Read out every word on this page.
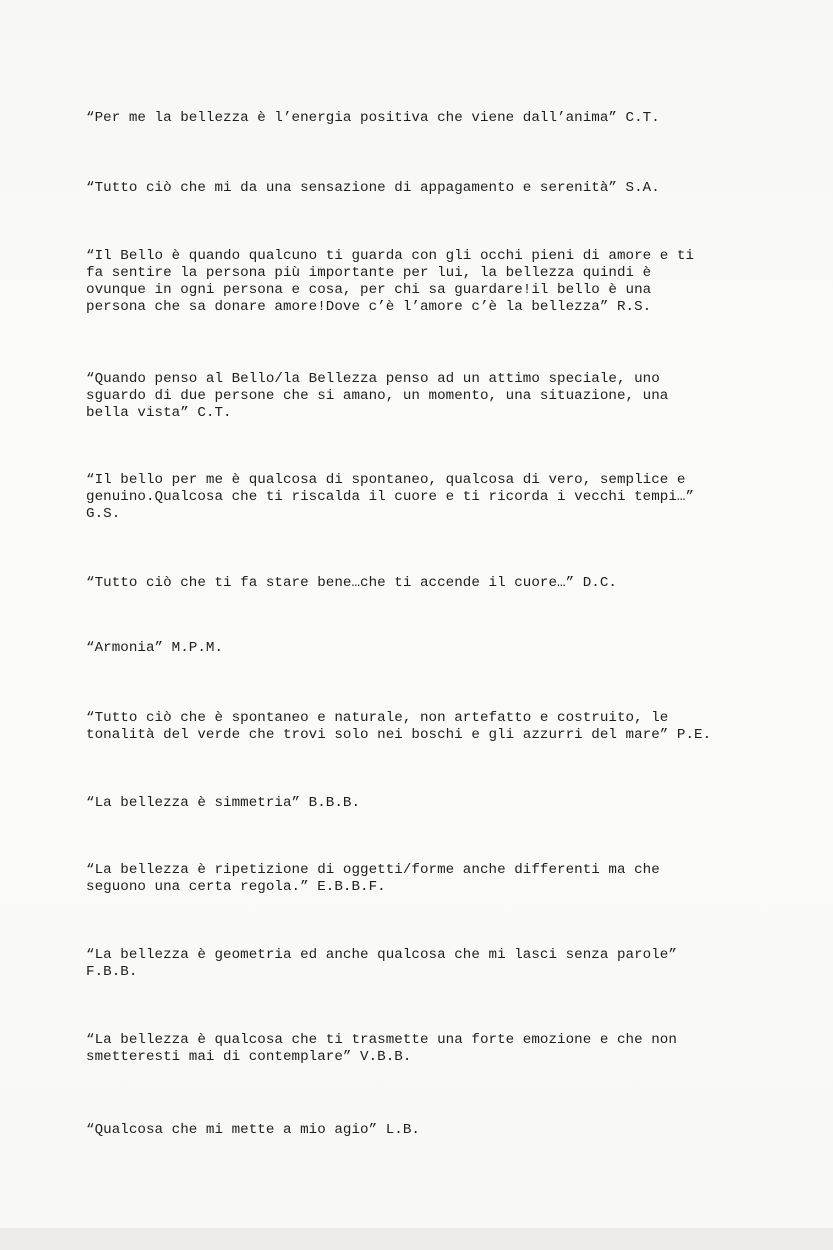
“Per me la bellezza è l’energia positiva che viene dall’anima” C.T.

“Tutto ciò che mi da una sensazione di appagamento e serenità” S.A.

“Il Bello è quando qualcuno ti guarda con gli occhi pieni di amore e ti
fa sentire la persona più importante per lui, la bellezza quindi è
ovunque in ogni persona e cosa, per chi sa guardare!il bello è una
persona che sa donare amore!Dove c’è l’amore c’è la bellezza” R.S.

“Quando penso al Bello/la Bellezza penso ad un attimo speciale, uno
sguardo di due persone che si amano, un momento, una situazione, una
bella vista” C.T.

“Il bello per me è qualcosa di spontaneo, qualcosa di vero, semplice e
genuino.Qualcosa che ti riscalda il cuore e ti ricorda i vecchi tempi…”
G.S.

“Tutto ciò che ti fa stare bene…che ti accende il cuore…” D.C.

“Armonia” M.P.M.

“Tutto ciò che è spontaneo e naturale, non artefatto e costruito, le
tonalità del verde che trovi solo nei boschi e gli azzurri del mare” P.E.

“La bellezza è simmetria” B.B.B.

“La bellezza è ripetizione di oggetti/forme anche differenti ma che
seguono una certa regola.” E.B.B.F.

“La bellezza è geometria ed anche qualcosa che mi lasci senza parole”
F.B.B.

“La bellezza è qualcosa che ti trasmette una forte emozione e che non
smetteresti mai di contemplare” V.B.B.

“Qualcosa che mi mette a mio agio” L.B.
